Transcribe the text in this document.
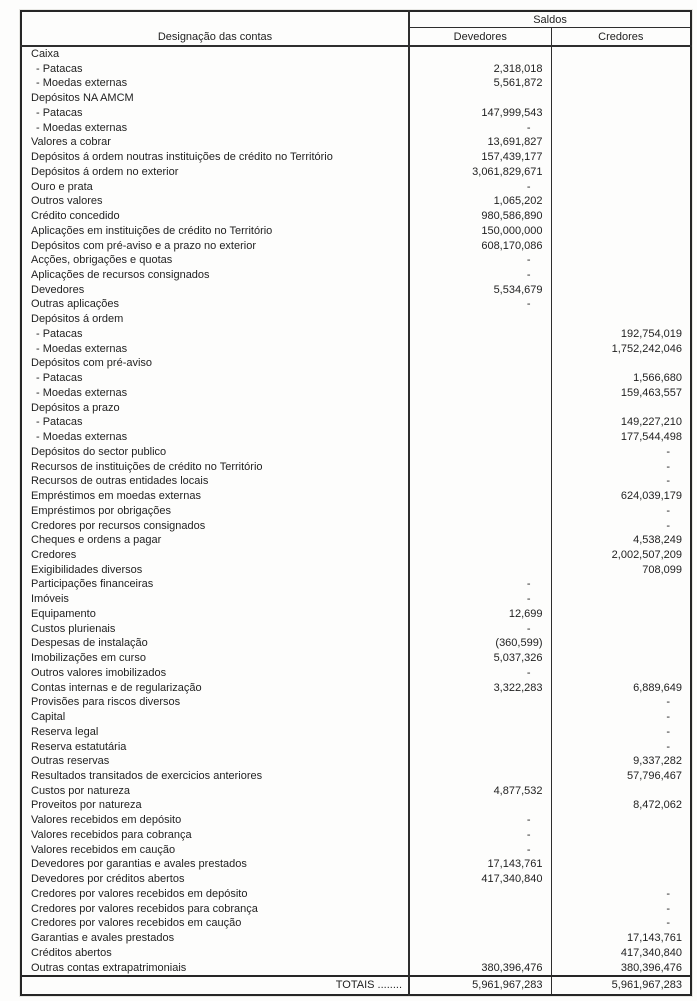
Designação das contas	Saldos	
	Devedores	Credores
Caixa		
- Patacas	2,318,018	
- Moedas externas	5,561,872	
Depósitos NA AMCM		
- Patacas	147,999,543	
- Moedas externas	-	
Valores a cobrar	13,691,827	
Depósitos á ordem noutras instituições de crédito no Território	157,439,177	
Depósitos á ordem no exterior	3,061,829,671	
Ouro e prata	-	
Outros valores	1,065,202	
Crédito concedido	980,586,890	
Aplicações em instituições de crédito no Território	150,000,000	
Depósitos com pré-aviso e a prazo no exterior	608,170,086	
Acções, obrigações e quotas	-	
Aplicações de recursos consignados	-	
Devedores	5,534,679	
Outras aplicações	-	
Depósitos á ordem		
- Patacas		192,754,019
- Moedas externas		1,752,242,046
Depósitos com pré-aviso		
- Patacas		1,566,680
- Moedas externas		159,463,557
Depósitos a prazo		
- Patacas		149,227,210
- Moedas externas		177,544,498
Depósitos do sector publico		-
Recursos de instituições de crédito no Território		-
Recursos de outras entidades locais		-
Empréstimos em moedas externas		624,039,179
Empréstimos por obrigações		-
Credores por recursos consignados		-
Cheques e ordens a pagar		4,538,249
Credores		2,002,507,209
Exigibilidades diversos		708,099
Participações financeiras	-	
Imóveis	-	
Equipamento	12,699	
Custos plurienais	-	
Despesas de instalação	(360,599)	
Imobilizações em curso	5,037,326	
Outros valores imobilizados	-	
Contas internas e de regularização	3,322,283	6,889,649
Provisões para riscos diversos		-
Capital		-
Reserva legal		-
Reserva estatutária		-
Outras reservas		9,337,282
Resultados transitados de exercicios anteriores		57,796,467
Custos por natureza	4,877,532	
Proveitos por natureza		8,472,062
Valores recebidos em depósito	-	
Valores recebidos para cobrança	-	
Valores recebidos em caução	-	
Devedores por garantias e avales prestados	17,143,761	
Devedores por créditos abertos	417,340,840	
Credores por valores recebidos em depósito		-
Credores por valores recebidos para cobrança		-
Credores por valores recebidos em caução		-
Garantias e avales prestados		17,143,761
Créditos abertos		417,340,840
Outras contas extrapatrimoniais	380,396,476	380,396,476
TOTAIS ........	5,961,967,283	5,961,967,283
